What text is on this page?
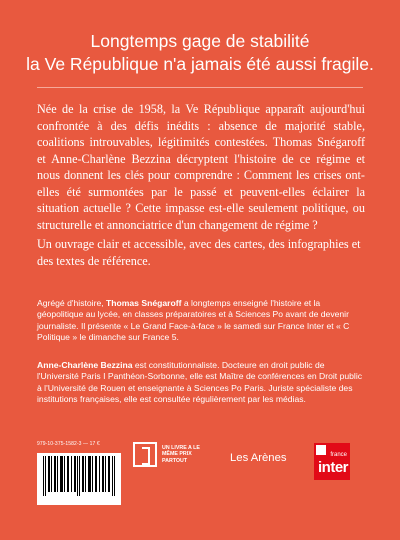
Longtemps gage de stabilité
la Ve République n'a jamais été aussi fragile.
Née de la crise de 1958, la Ve République apparaît aujourd'hui confrontée à des défis inédits : absence de majorité stable, coalitions introuvables, légitimités contestées. Thomas Snégaroff et Anne-Charlène Bezzina décryptent l'histoire de ce régime et nous donnent les clés pour comprendre : Comment les crises ont-elles été surmontées par le passé et peuvent-elles éclairer la situation actuelle ? Cette impasse est-elle seulement politique, ou structurelle et annonciatrice d'un changement de régime ?
Un ouvrage clair et accessible, avec des cartes, des infographies et des textes de référence.
Agrégé d'histoire, Thomas Snégaroff a longtemps enseigné l'histoire et la géopolitique au lycée, en classes préparatoires et à Sciences Po avant de devenir journaliste. Il présente « Le Grand Face-à-face » le samedi sur France Inter et « C Politique » le dimanche sur France 5.
Anne-Charlène Bezzina est constitutionnaliste. Docteure en droit public de l'Université Paris I Panthéon-Sorbonne, elle est Maître de conférences en Droit public à l'Université de Rouen et enseignante à Sciences Po Paris. Juriste spécialiste des institutions françaises, elle est consultée régulièrement par les médias.
979-10-375-1582-3 — 17 €
UN LIVRE A LE MÊME PRIX PARTOUT	Les Arènes	france
inter
